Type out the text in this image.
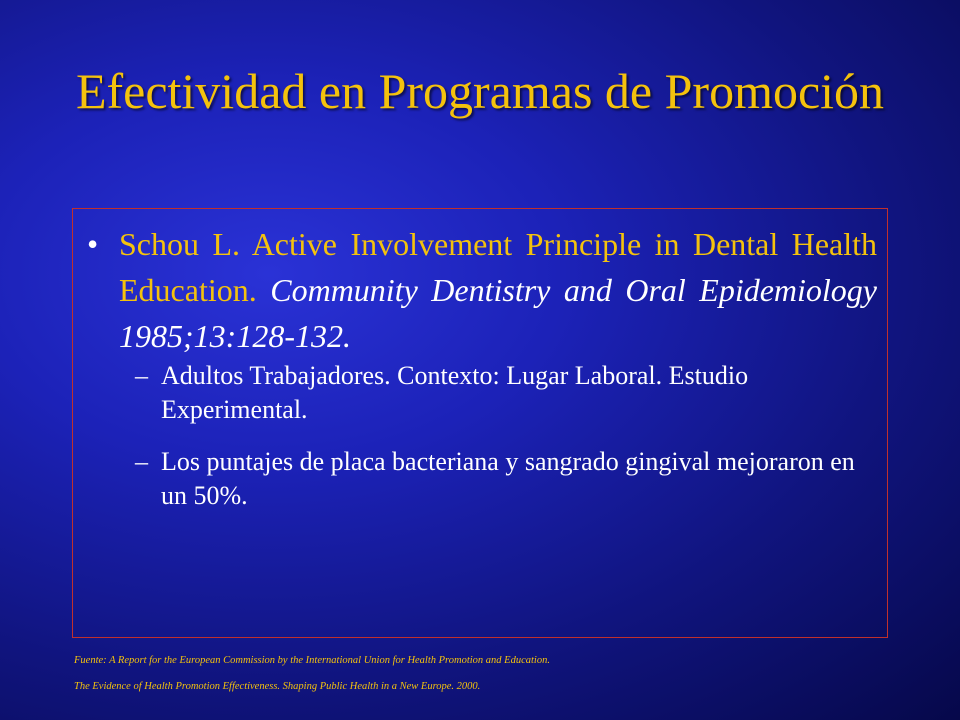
Efectividad en Programas de Promoción
• Schou L. Active Involvement Principle in Dental Health Education. Community Dentistry and Oral Epidemiology 1985;13:128-132.
– Adultos Trabajadores. Contexto: Lugar Laboral. Estudio Experimental.
– Los puntajes de placa bacteriana y sangrado gingival mejoraron en un 50%.
Fuente: A Report for the European Commission by the International Union for Health Promotion and Education.
The Evidence of Health Promotion Effectiveness. Shaping Public Health in a New Europe. 2000.
